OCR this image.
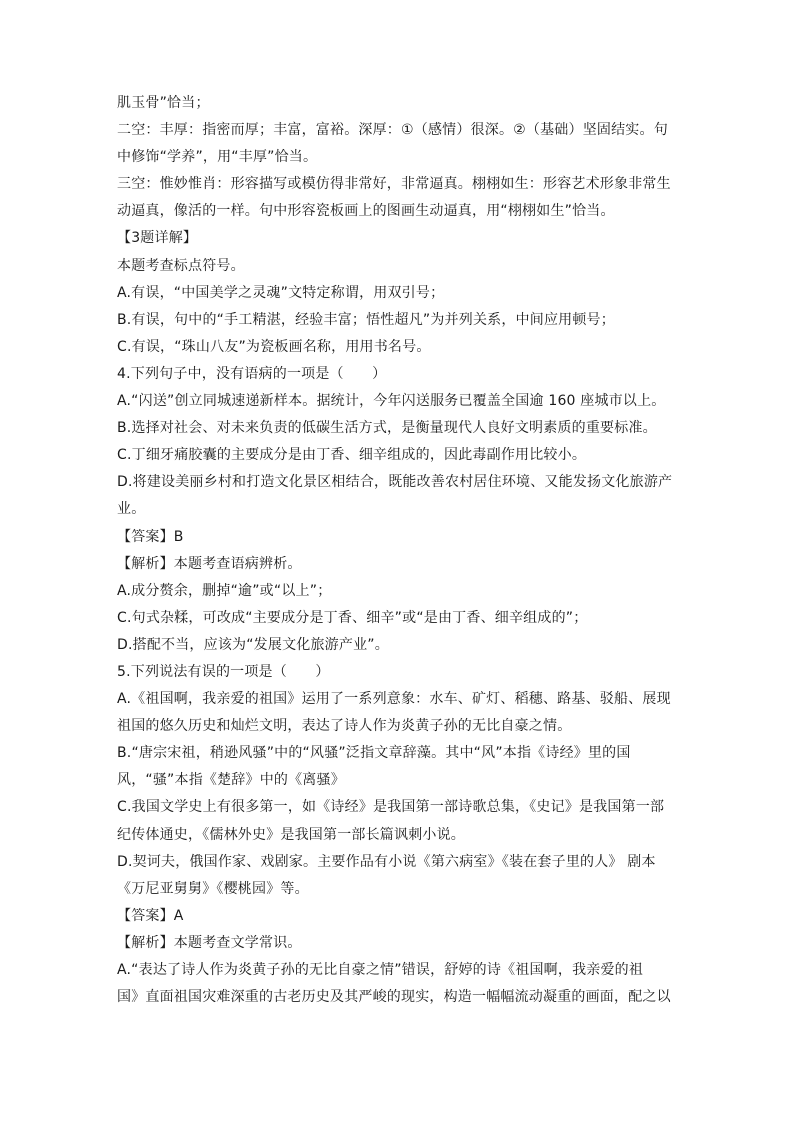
肌玉骨”恰当；
二空：丰厚：指密而厚；丰富，富裕。深厚：①（感情）很深。②（基础）坚固结实。句
中修饰“学养”，用“丰厚”恰当。
三空：惟妙惟肖：形容描写或模仿得非常好，非常逼真。栩栩如生：形容艺术形象非常生
动逼真，像活的一样。句中形容瓷板画上的图画生动逼真，用“栩栩如生”恰当。
【3题详解】
本题考查标点符号。
A.有误，“中国美学之灵魂”文特定称谓，用双引号；
B.有误，句中的“手工精湛，经验丰富；悟性超凡”为并列关系，中间应用顿号；
C.有误，“珠山八友”为瓷板画名称，用用书名号。
4.下列句子中，没有语病的一项是（　　）
A.“闪送”创立同城速递新样本。据统计，今年闪送服务已覆盖全国逾 160 座城市以上。
B.选择对社会、对未来负责的低碳生活方式，是衡量现代人良好文明素质的重要标准。
C.丁细牙痛胶囊的主要成分是由丁香、细辛组成的，因此毒副作用比较小。
D.将建设美丽乡村和打造文化景区相结合，既能改善农村居住环境、又能发扬文化旅游产
业。
【答案】B
【解析】本题考查语病辨析。
A.成分赘余，删掉“逾”或“以上”；
C.句式杂糅，可改成“主要成分是丁香、细辛”或“是由丁香、细辛组成的”；
D.搭配不当，应该为“发展文化旅游产业”。
5.下列说法有误的一项是（　　）
A.《祖国啊，我亲爱的祖国》运用了一系列意象：水车、矿灯、稻穗、路基、驳船、展现
祖国的悠久历史和灿烂文明，表达了诗人作为炎黄子孙的无比自豪之情。
B.“唐宗宋祖，稍逊风骚”中的“风骚”泛指文章辞藻。其中“风”本指《诗经》里的国
风，“骚”本指《楚辞》中的《离骚》
C.我国文学史上有很多第一，如《诗经》是我国第一部诗歌总集，《史记》是我国第一部
纪传体通史，《儒林外史》是我国第一部长篇讽刺小说。
D.契诃夫，俄国作家、戏剧家。主要作品有小说《第六病室》《装在套子里的人》 剧本
《万尼亚舅舅》《樱桃园》等。
【答案】A
【解析】本题考查文学常识。
A.“表达了诗人作为炎黄子孙的无比自豪之情”错误，舒婷的诗《祖国啊，我亲爱的祖
国》直面祖国灾难深重的古老历史及其严峻的现实，构造一幅幅流动凝重的画面，配之以
